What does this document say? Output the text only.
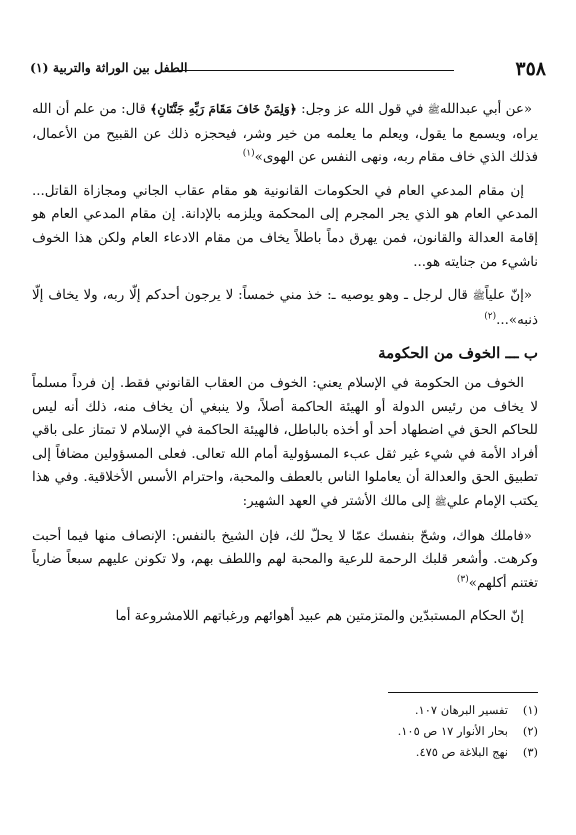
٣٥٨
الطفل بين الوراثة والتربية (١)

«عن أبي عبداللهﷺ في قول الله عز وجل: ﴿وَلِمَنْ خَافَ مَقَامَ رَبِّهِ جَنَّتَانِ﴾ قال: من علم أن الله يراه، ويسمع ما يقول، ويعلم ما يعلمه من خير وشر، فيحجزه ذلك عن القبيح من الأعمال، فذلك الذي خاف مقام ربه، ونهى النفس عن الهوى»$^{(١)}$

إن مقام المدعي العام في الحكومات القانونية هو مقام عقاب الجاني ومجازاة القاتل... المدعي العام هو الذي يجر المجرم إلى المحكمة ويلزمه بالإدانة. إن مقام المدعي العام هو إقامة العدالة والقانون، فمن يهرق دماً باطلاً يخاف من مقام الادعاء العام ولكن هذا الخوف ناشيء من جنايته هو...

«إنّ علياًﷺ قال لرجل ـ وهو يوصيه ـ: خذ مني خمساً: لا يرجون أحدكم إلّا ربه، ولا يخاف إلّا ذنبه»...$^{(٢)}$

ب ـــ الخوف من الحكومة

الخوف من الحكومة في الإسلام يعني: الخوف من العقاب القانوني فقط. إن فرداً مسلماً لا يخاف من رئيس الدولة أو الهيئة الحاكمة أصلاً، ولا ينبغي أن يخاف منه، ذلك أنه ليس للحاكم الحق في اضطهاد أحد أو أخذه بالباطل، فالهيئة الحاكمة في الإسلام لا تمتاز على باقي أفراد الأمة في شيء غير ثقل عبء المسؤولية أمام الله تعالى. فعلى المسؤولين مضافاً إلى تطبيق الحق والعدالة أن يعاملوا الناس بالعطف والمحبة، واحترام الأسس الأخلاقية. وفي هذا يكتب الإمام عليﷺ إلى مالك الأشتر في العهد الشهير:

«فاملك هواك، وشحّ بنفسك عمّا لا يحلّ لك، فإن الشيخ بالنفس: الإنصاف منها فيما أحبت وكرهت. وأشعر قلبك الرحمة للرعية والمحبة لهم واللطف بهم، ولا تكونن عليهم سبعاً ضارياً تغتنم أكلهم»$^{(٣)}$

إنّ الحكام المستبدّين والمتزمتين هم عبيد أهوائهم ورغباتهم اللامشروعة أما

(١)
تفسير البرهان ١٠٧.
(٢)
بحار الأنوار ١٧ ص ١٠٥.
(٣)
نهج البلاغة ص ٤٧٥.
